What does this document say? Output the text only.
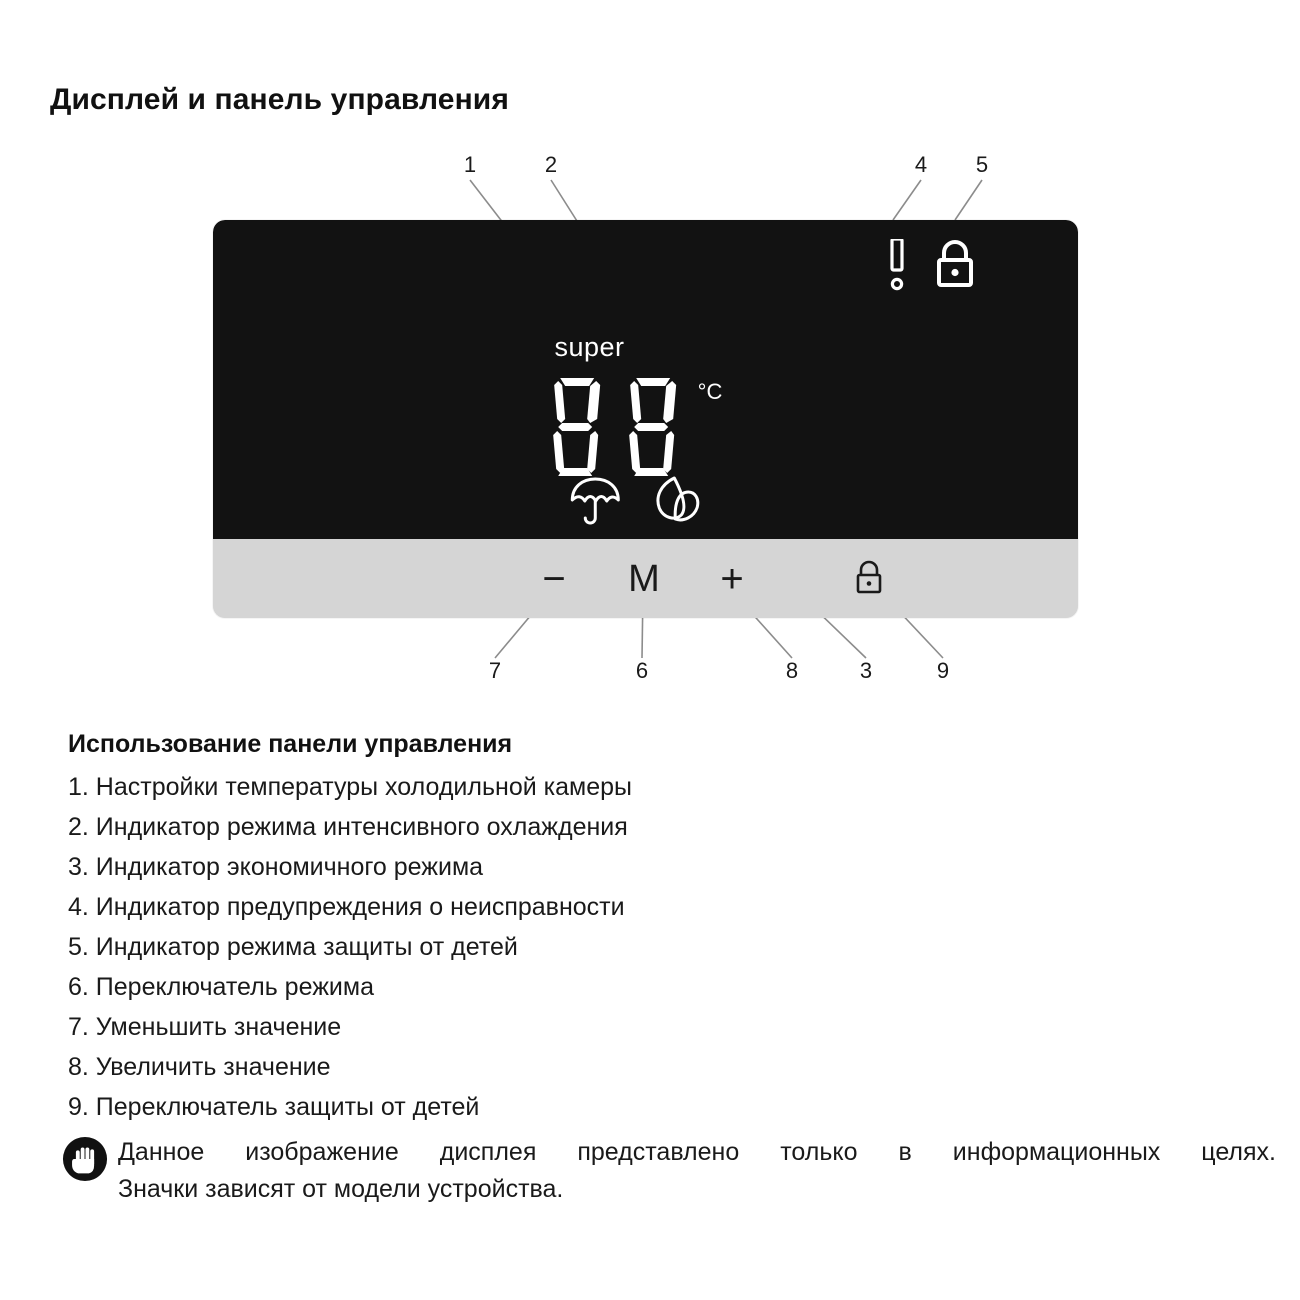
Дисплей и панель управления
1	2	4 5
7	6	8	3	9
super
°C
−	M	+
Использование панели управления
1. Настройки температуры холодильной камеры
2. Индикатор режима интенсивного охлаждения
3. Индикатор экономичного режима
4. Индикатор предупреждения о неисправности
5. Индикатор режима защиты от детей
6. Переключатель режима
7. Уменьшить значение
8. Увеличить значение
9. Переключатель защиты от детей
Данное изображение дисплея представлено только в информационных целях.
Значки зависят от модели устройства.
